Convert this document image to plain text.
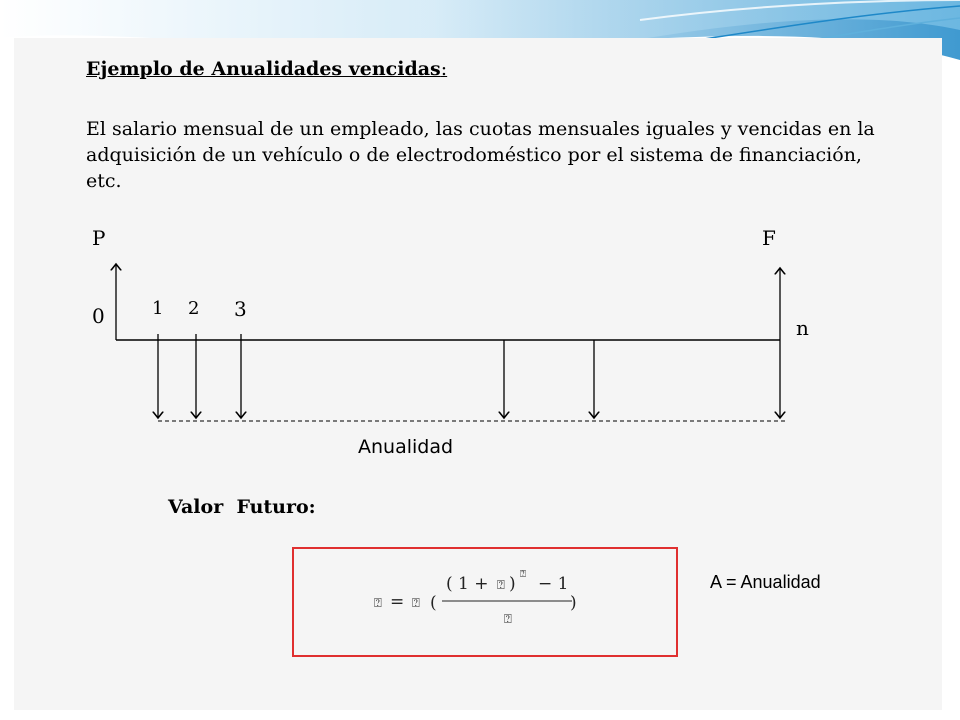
Ejemplo de Anualidades vencidas:
El salario mensual de un empleado, las cuotas mensuales iguales y vencidas en la adquisición de un vehículo o de electrodoméstico por el sistema de financiación, etc.
P	F
0	1 2 3
n
Anualidad
Valor  Futuro:
⍰ = ⍰ (
( 1 + ⍰ ) ⍰ − 1
⍰
)
A = Anualidad
